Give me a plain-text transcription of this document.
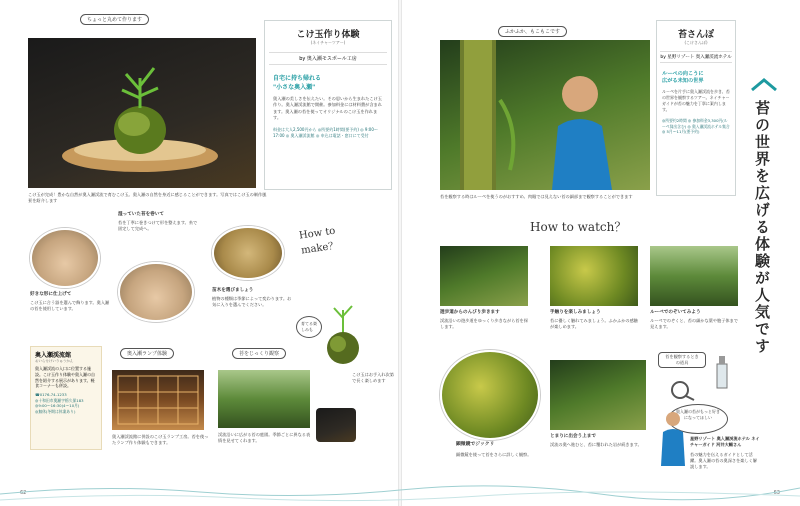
ちょっと丸めて作ります
こけ玉が完成！豊かな自然が奥入瀬渓流で育むこけ玉。奥入瀬の自然を身近に感じることができます。写真ではこけ玉の制作風景を紹介します
こけ玉作り体験
(ネイチャーツアー)
by 奥入瀬モスボール工房
自宅に持ち帰れる
"小さな奥入瀬"
奥入瀬の美しさを伝えたい。その思いから生まれたこけ玉作り。奥入瀬渓流館で開催。参加料金には材料費が含まれます。奥入瀬の苔を使ってオリジナルのこけ玉を作れます。
料金は大人2,500円から ◎所要約1時間(要予約) ◎ 9:00～17:00 ◎ 奥入瀬渓流館 ◎ 申込は電話・窓口にて受付
好きな形に仕上げて
こけ玉に合う器を選んで飾ります。奥入瀬の苔を使用しています。
湿っていた苔を巻いて
苔を丁寧に巻きつけて形を整えます。糸で固定して完成へ。
苗木を選びましょう
植物の種類は季節によって変わります。お気に入りを選んでください。
How to
make？
育てる楽しみも
こけ玉はお手入れ次第で長く楽しめます
奥入瀬渓流館
おいらせけいりゅうかん
奥入瀬渓流の入口に位置する施設。こけ玉作り体験や奥入瀬の自然を紹介する展示があります。軽食コーナーも併設。
☎0176-74-1233
◎十和田市奥瀬字栃久保183
◎9:00～16:30(4～10月)
◎無休(冬期は休業あり)
奥入瀬ランプ体験
奥入瀬渓流館に併設のこけ玉ランプ工房。苔を使ったランプ作り体験もできます。
苔をじっくり観察
渓流沿いに広がる苔の庭園。季節ごとに異なる表情を見せてくれます。
62
ふかふか、もこもこです
苔を観察する時はルーペを使うのがおすすめ。肉眼では見えない苔の細部まで観察することができます
苔さんぽ
(こけさんぽ)
by 星野リゾート 奥入瀬渓流ホテル
ルーペの向こうに
広がる未知の世界
ルーペを片手に奥入瀬渓流を歩き、苔の世界を観察するツアー。ネイチャーガイドが苔の魅力を丁寧に案内します。
◎所要約2時間 ◎ 参加料金3,300円(ルーペ貸出含む) ◎ 奥入瀬渓流ホテル集合 ◎ 5月～11月(要予約)	苔の世界を広げる体験が人気です
How to watch？
遊歩道からのんびり歩きます
渓流沿いの遊歩道をゆっくり歩きながら苔を探します。
手触りを楽しみましょう
苔に優しく触れてみましょう。ふかふかの感触が楽しめます。
ルーペでのぞいてみよう
ルーペでのぞくと、苔の細かな葉や胞子体まで見えます。
顕微鏡でジックリ
顕微鏡を使って苔をさらに詳しく観察。
とまりに出会う上まで
渓流の奥へ進むと、苔に覆われた岩が続きます。
苔を観察するときの道具
奥入瀬の苔がもっと好きになってほしい
星野リゾート 奥入瀬渓流ホテル ネイチャーガイド 河井大輔さん
苔の魅力を伝えるガイドとして活躍。奥入瀬の苔の奥深さを楽しく解説します。
63
